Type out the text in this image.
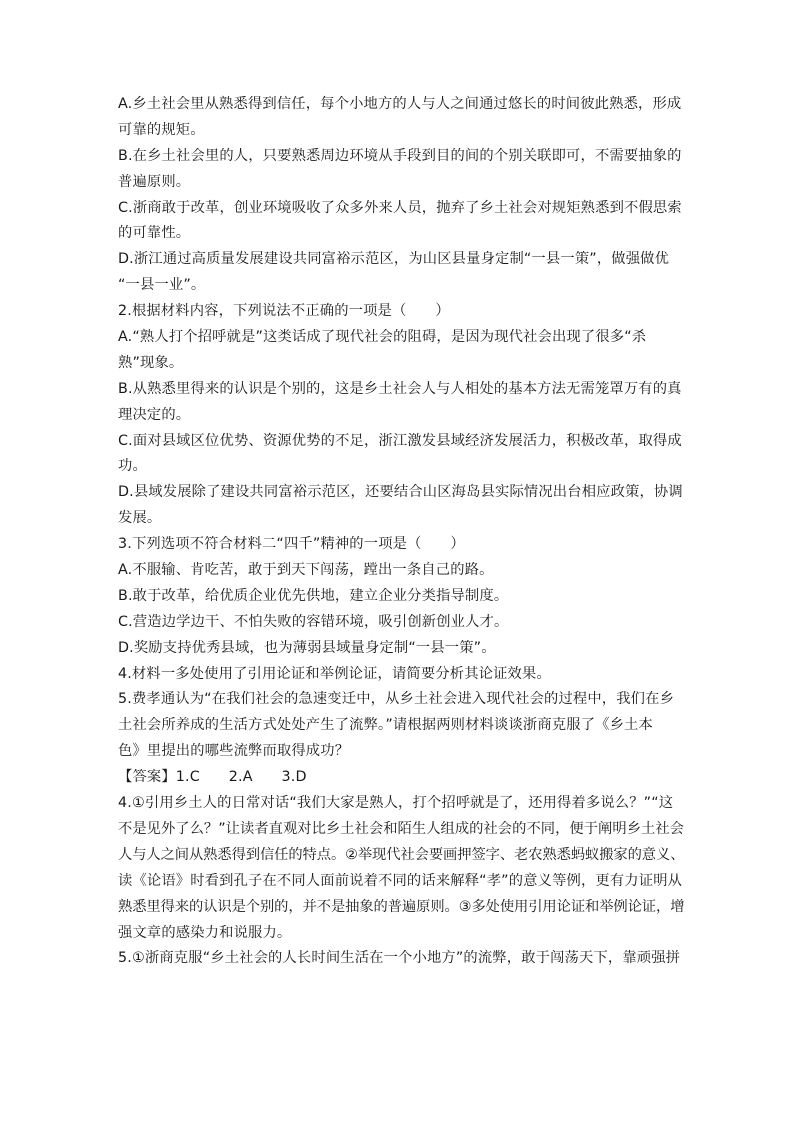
A.乡土社会里从熟悉得到信任，每个小地方的人与人之间通过悠长的时间彼此熟悉，形成
可靠的规矩。
B.在乡土社会里的人，只要熟悉周边环境从手段到目的间的个别关联即可，不需要抽象的
普遍原则。
C.浙商敢于改革，创业环境吸收了众多外来人员，抛弃了乡土社会对规矩熟悉到不假思索
的可靠性。
D.浙江通过高质量发展建设共同富裕示范区，为山区县量身定制“一县一策”，做强做优
“一县一业”。
2.根据材料内容，下列说法不正确的一项是（　　）
A.“熟人打个招呼就是”这类话成了现代社会的阻碍，是因为现代社会出现了很多“杀
熟”现象。
B.从熟悉里得来的认识是个别的，这是乡土社会人与人相处的基本方法无需笼罩万有的真
理决定的。
C.面对县域区位优势、资源优势的不足，浙江激发县域经济发展活力，积极改革，取得成
功。
D.县域发展除了建设共同富裕示范区，还要结合山区海岛县实际情况出台相应政策，协调
发展。
3.下列选项不符合材料二“四千”精神的一项是（　　）
A.不服输、肯吃苦，敢于到天下闯荡，蹚出一条自己的路。
B.敢于改革，给优质企业优先供地，建立企业分类指导制度。
C.营造边学边干、不怕失败的容错环境，吸引创新创业人才。
D.奖励支持优秀县域，也为薄弱县域量身定制“一县一策”。
4.材料一多处使用了引用论证和举例论证，请简要分析其论证效果。
5.费孝通认为“在我们社会的急速变迁中，从乡土社会进入现代社会的过程中，我们在乡
土社会所养成的生活方式处处产生了流弊。”请根据两则材料谈谈浙商克服了《乡土本
色》里提出的哪些流弊而取得成功？
【答案】1.C　　2.A　　3.D
4.①引用乡土人的日常对话“我们大家是熟人，打个招呼就是了，还用得着多说么？”“这
不是见外了么？”让读者直观对比乡土社会和陌生人组成的社会的不同，便于阐明乡土社会
人与人之间从熟悉得到信任的特点。②举现代社会要画押签字、老农熟悉蚂蚁搬家的意义、
读《论语》时看到孔子在不同人面前说着不同的话来解释“孝”的意义等例，更有力证明从
熟悉里得来的认识是个别的，并不是抽象的普遍原则。③多处使用引用论证和举例论证，增
强文章的感染力和说服力。
5.①浙商克服“乡土社会的人长时间生活在一个小地方”的流弊，敢于闯荡天下，靠顽强拼
